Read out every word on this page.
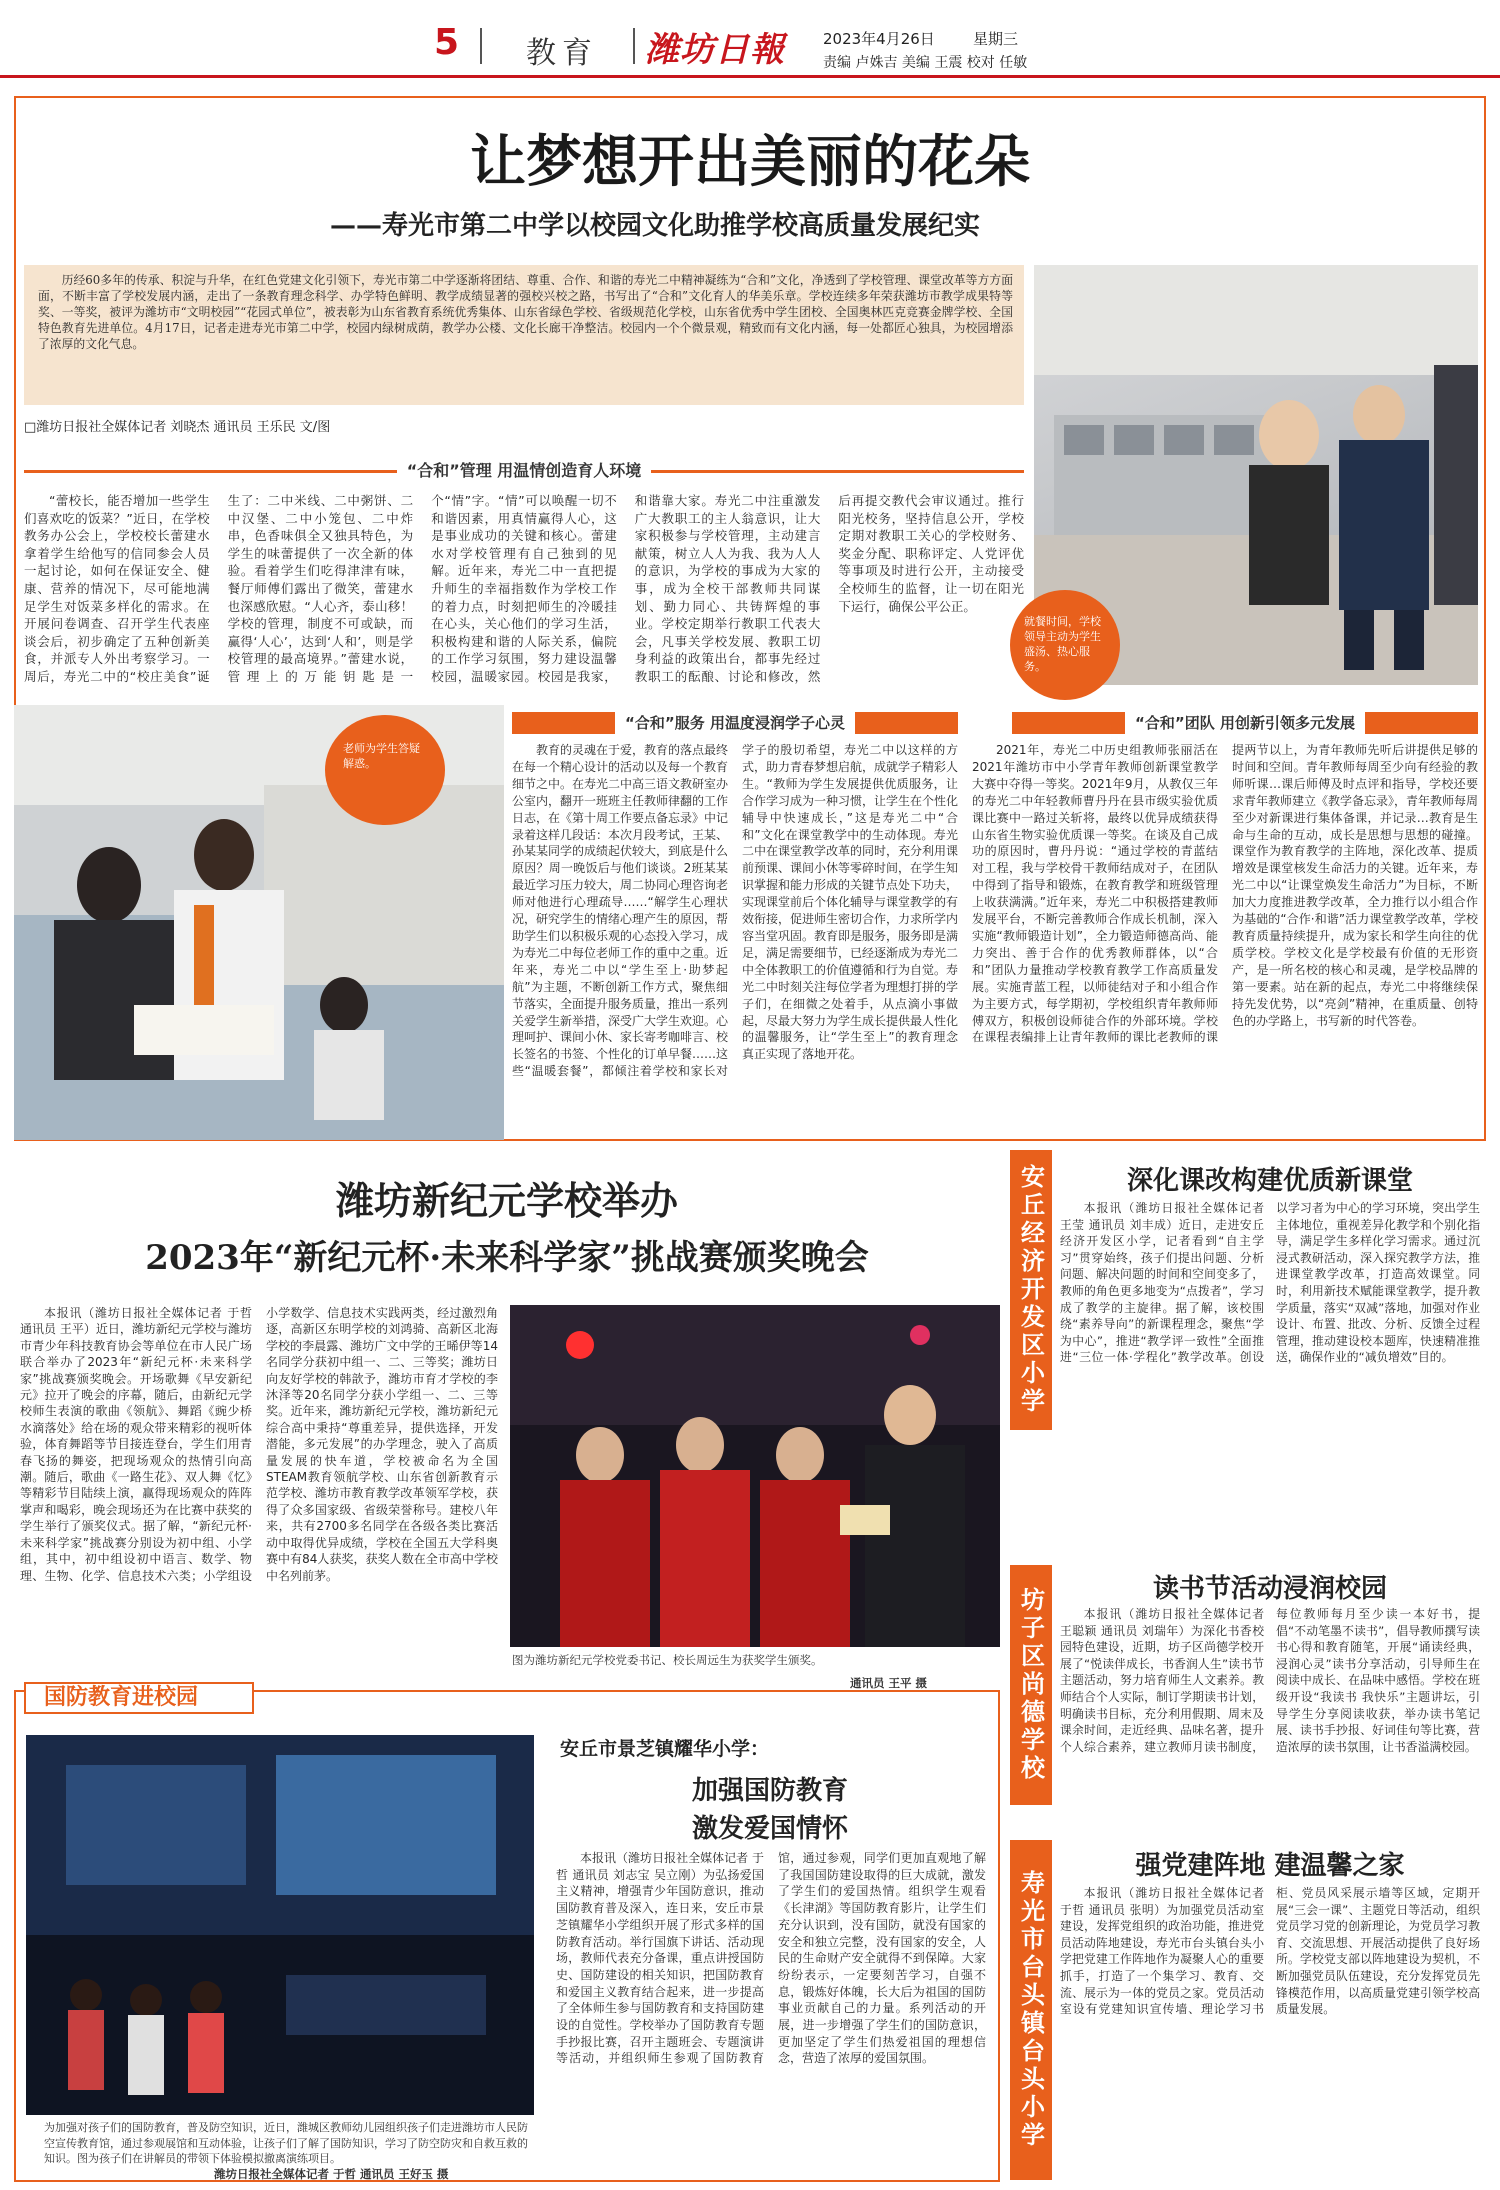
5 教育 潍坊日報	2023年4月26日	星期三
责编 卢姝吉 美编 王震 校对 任敏
让梦想开出美丽的花朵
——寿光市第二中学以校园文化助推学校高质量发展纪实
历经60多年的传承、积淀与升华，在红色党建文化引领下，寿光市第二中学逐渐将团结、尊重、合作、和谐的寿光二中精神凝练为“合和”文化，净透到了学校管理、课堂改革等方方面面，不断丰富了学校发展内涵，走出了一条教育理念科学、办学特色鲜明、教学成绩显著的强校兴校之路，书写出了“合和”文化育人的华美乐章。学校连续多年荣获潍坊市教学成果特等奖、一等奖，被评为潍坊市“文明校园”“花园式单位”，被表彰为山东省教育系统优秀集体、山东省绿色学校、省级规范化学校，山东省优秀中学生团校、全国奥林匹克竞赛金牌学校、全国特色教育先进单位。4月17日，记者走进寿光市第二中学，校园内绿树成荫，教学办公楼、文化长廊干净整洁。校园内一个个微景观，精致而有文化内涵，每一处都匠心独具，为校园增添了浓厚的文化气息。
□潍坊日报社全媒体记者 刘晓杰 通讯员 王乐民 文/图
就餐时间，学校领导主动为学生盛汤、热心服务。
“合和”管理 用温情创造育人环境

“蕾校长，能否增加一些学生们喜欢吃的饭菜？”近日，在学校教务办公会上，学校校长蕾建水拿着学生给他写的信同参会人员一起讨论，如何在保证安全、健康、营养的情况下，尽可能地满足学生对饭菜多样化的需求。在开展问卷调查、召开学生代表座谈会后，初步确定了五种创新美食，并派专人外出考察学习。一周后，寿光二中的“校庄美食”诞生了：二中米线、二中粥饼、二中汉堡、二中小笼包、二中炸串，色香味俱全又独具特色，为学生的味蕾提供了一次全新的体验。看着学生们吃得津津有味，餐厅师傅们露出了微笑，蕾建水也深感欣慰。“人心齐，泰山移！学校的管理，制度不可或缺，而赢得‘人心’，达到‘人和’，则是学校管理的最高境界。”蕾建水说，管理上的万能钥匙是一个“情”字。“情”可以唤醒一切不和谐因素，用真情赢得人心，这是事业成功的关键和核心。蕾建水对学校管理有自己独到的见解。近年来，寿光二中一直把提升师生的幸福指数作为学校工作的着力点，时刻把师生的冷暖挂在心头，关心他们的学习生活，积极构建和谐的人际关系，偏院的工作学习氛围，努力建设温馨校园，温暖家园。校园是我家，和谐靠大家。寿光二中注重激发广大教职工的主人翁意识，让大家积极参与学校管理，主动建言献策，树立人人为我、我为人人的意识，为学校的事成为大家的事，成为全校干部教师共同谋划、勤力同心、共铸辉煌的事业。学校定期举行教职工代表大会，凡事关学校发展、教职工切身利益的政策出台，都事先经过教职工的酝酿、讨论和修改，然后再提交教代会审议通过。推行阳光校务，坚持信息公开，学校定期对教职工关心的学校财务、奖金分配、职称评定、人党评优等事项及时进行公开，主动接受全校师生的监督，让一切在阳光下运行，确保公平公正。

老师为学生答疑解惑。
“合和”服务 用温度浸润学子心灵

教育的灵魂在于爱，教育的落点最终在每一个精心设计的活动以及每一个教育细节之中。在寿光二中高三语文教研室办公室内，翻开一班班主任教师律翻的工作日志，在《第十周工作要点备忘录》中记录着这样几段话：本次月段考试，王某、孙某某同学的成绩起伏较大，到底是什么原因？周一晚饭后与他们谈谈。2班某某最近学习压力较大，周二协同心理咨询老师对他进行心理疏导……“解学生心理状况，研究学生的情绪心理产生的原因，帮助学生们以积极乐观的心态投入学习，成为寿光二中每位老师工作的重中之重。近年来，寿光二中以“学生至上·助梦起航”为主题，不断创新工作方式，聚焦细节落实，全面提升服务质量，推出一系列关爱学生新举措，深受广大学生欢迎。心理呵护、课间小休、家长寄考咖啡言、校长签名的书签、个性化的订单早餐……这些“温暖套餐”，都倾注着学校和家长对学子的殷切希望，寿光二中以这样的方式，助力青春梦想启航，成就学子精彩人生。“教师为学生发展提供优质服务，让合作学习成为一种习惯，让学生在个性化辅导中快速成长，”这是寿光二中“合和”文化在课堂教学中的生动体现。寿光二中在课堂教学改革的同时，充分利用课前预课、课间小休等零碎时间，在学生知识掌握和能力形成的关键节点处下功夫，实现课堂前后个体化辅导与课堂教学的有效衔接，促进师生密切合作，力求所学内容当堂巩固。教育即是服务，服务即是满足，满足需要细节，已经逐渐成为寿光二中全体教职工的价值遵循和行为自觉。寿光二中时刻关注每位学者为理想打拼的学子们，在细微之处着手，从点滴小事做起，尽最大努力为学生成长提供最人性化的温馨服务，让“学生至上”的教育理念真正实现了落地开花。

“合和”团队 用创新引领多元发展

2021年，寿光二中历史组教师张丽活在2021年潍坊市中小学青年教师创新课堂教学大赛中夺得一等奖。2021年9月，从教仅三年的寿光二中年轻教师曹丹丹在县市级实验优质课比赛中一路过关斩将，最终以优异成绩获得山东省生物实验优质课一等奖。在谈及自己成功的原因时，曹丹丹说：“通过学校的青蓝结对工程，我与学校骨干教师结成对子，在团队中得到了指导和锻炼，在教育教学和班级管理上收获满满。”近年来，寿光二中积极搭建教师发展平台，不断完善教师合作成长机制，深入实施“教师锻造计划”，全力锻造师德高尚、能力突出、善于合作的优秀教师群体，以“合和”团队力量推动学校教育教学工作高质量发展。实施青蓝工程，以师徒结对子和小组合作为主要方式，每学期初，学校组织青年教师师傅双方，积极创设师徒合作的外部环境。学校在课程表编排上让青年教师的课比老教师的课提两节以上，为青年教师先听后讲提供足够的时间和空间。青年教师每周至少向有经验的教师听课…课后师傅及时点评和指导，学校还要求青年教师建立《教学备忘录》，青年教师每周至少对新课进行集体备课，并记录…教育是生命与生命的互动，成长是思想与思想的碰撞。课堂作为教育教学的主阵地，深化改革、提质增效是课堂核发生命活力的关键。近年来，寿光二中以“让课堂焕发生命活力”为目标，不断加大力度推进教学改革，全力推行以小组合作为基础的“合作·和谐”活力课堂教学改革，学校教育质量持续提升，成为家长和学生向往的优质学校。学校文化是学校最有价值的无形资产，是一所名校的核心和灵魂，是学校品牌的第一要素。站在新的起点，寿光二中将继续保持先发优势，以“亮剑”精神，在重质量、创特色的办学路上，书写新的时代答卷。

潍坊新纪元学校举办
2023年“新纪元杯·未来科学家”挑战赛颁奖晚会

本报讯（潍坊日报社全媒体记者 于哲 通讯员 王平）近日，潍坊新纪元学校与潍坊市青少年科技教育协会等单位在市人民广场联合举办了2023年“新纪元杯·未来科学家”挑战赛颁奖晚会。开场歌舞《早安新纪元》拉开了晚会的序幕，随后，由新纪元学校师生表演的歌曲《领航》、舞蹈《豌少桥水滴落处》给在场的观众带来精彩的视听体验，体育舞蹈等节目接连登台，学生们用青春飞扬的舞姿，把现场观众的热情引向高潮。随后，歌曲《一路生花》、双人舞《忆》等精彩节目陆续上演，赢得现场观众的阵阵掌声和喝彩，晚会现场还为在比赛中获奖的学生举行了颁奖仪式。据了解，“新纪元杯·未来科学家”挑战赛分别设为初中组、小学组，其中，初中组设初中语言、数学、物理、生物、化学、信息技术六类；小学组设小学数学、信息技术实践两类，经过激烈角逐，高新区东明学校的刘鸿骑、高新区北海学校的李晨露、潍坊广文中学的王晞伊等14名同学分获初中组一、二、三等奖；潍坊日向友好学校的韩歆予，潍坊市育才学校的李沐泽等20名同学分获小学组一、二、三等奖。近年来，潍坊新纪元学校，潍坊新纪元综合高中秉持“尊重差异，提供选择，开发潜能，多元发展”的办学理念，驶入了高质量发展的快车道，学校被命名为全国STEAM教育领航学校、山东省创新教育示范学校、潍坊市教育教学改革领军学校，获得了众多国家级、省级荣誉称号。建校八年来，共有2700多名同学在各级各类比赛活动中取得优异成绩，学校在全国五大学科奥赛中有84人获奖，获奖人数在全市高中学校中名列前茅。

图为潍坊新纪元学校党委书记、校长周远生为获奖学生颁奖。
通讯员 王平 摄
国防教育进校园
为加强对孩子们的国防教育，普及防空知识，近日，潍城区教师幼儿园组织孩子们走进潍坊市人民防空宣传教育馆，通过参观展馆和互动体验，让孩子们了解了国防知识，学习了防空防灾和自救互救的知识。图为孩子们在讲解员的带领下体验模拟撤离演练项目。
潍坊日报社全媒体记者 于哲 通讯员 王好玉 摄
安丘市景芝镇耀华小学：
加强国防教育
激发爱国情怀

本报讯（潍坊日报社全媒体记者 于哲 通讯员 刘志宝 吴立刚）为弘扬爱国主义精神，增强青少年国防意识，推动国防教育普及深入，连日来，安丘市景芝镇耀华小学组织开展了形式多样的国防教育活动。举行国旗下讲话、活动现场，教师代表充分备课，重点讲授国防史、国防建设的相关知识，把国防教育和爱国主义教育结合起来，进一步提高了全体师生参与国防教育和支持国防建设的自觉性。学校举办了国防教育专题手抄报比赛，召开主题班会、专题演讲等活动，并组织师生参观了国防教育馆，通过参观，同学们更加直观地了解了我国国防建设取得的巨大成就，激发了学生们的爱国热情。组织学生观看《长津湖》等国防教育影片，让学生们充分认识到，没有国防，就没有国家的安全和独立完整，没有国家的安全，人民的生命财产安全就得不到保障。大家纷纷表示，一定要刻苦学习，自强不息，锻炼好体魄，长大后为祖国的国防事业贡献自己的力量。系列活动的开展，进一步增强了学生们的国防意识，更加坚定了学生们热爱祖国的理想信念，营造了浓厚的爱国氛围。

安丘经济开发区小学	深化课改构建优质新课堂

本报讯（潍坊日报社全媒体记者 王莹 通讯员 刘丰成）近日，走进安丘经济开发区小学，记者看到“自主学习”贯穿始终，孩子们提出问题、分析问题、解决问题的时间和空间变多了，教师的角色更多地变为“点拨者”，学习成了教学的主旋律。据了解，该校围绕“素养导向”的新课程理念，聚焦“学为中心”，推进“教学评一致性”全面推进“三位一体·学程化”教学改革。创设以学习者为中心的学习环境，突出学生主体地位，重视差异化教学和个别化指导，满足学生多样化学习需求。通过沉浸式教研活动，深入探究教学方法，推进课堂教学改革，打造高效课堂。同时，利用新技术赋能课堂教学，提升教学质量，落实“双减”落地，加强对作业设计、布置、批改、分析、反馈全过程管理，推动建设校本题库，快速精准推送，确保作业的“减负增效”目的。

坊子区尚德学校	读书节活动浸润校园

本报讯（潍坊日报社全媒体记者 王聪颖 通讯员 刘瑞年）为深化书香校园特色建设，近期，坊子区尚德学校开展了“悦读伴成长，书香润人生”读书节主题活动，努力培育师生人文素养。教师结合个人实际，制订学期读书计划，明确读书目标，充分利用假期、周末及课余时间，走近经典、品味名著，提升个人综合素养，建立教师月读书制度，每位教师每月至少读一本好书，提倡“不动笔墨不读书”，倡导教师撰写读书心得和教育随笔，开展“诵读经典，浸润心灵”读书分享活动，引导师生在阅读中成长、在品味中感悟。学校在班级开设“我读书 我快乐”主题讲坛，引导学生分享阅读收获，举办读书笔记展、读书手抄报、好词佳句等比赛，营造浓厚的读书氛围，让书香溢满校园。

寿光市台头镇台头小学
强党建阵地 建温馨之家

本报讯（潍坊日报社全媒体记者 于哲 通讯员 张明）为加强党员活动室建设，发挥党组织的政治功能，推进党员活动阵地建设，寿光市台头镇台头小学把党建工作阵地作为凝聚人心的重要抓手，打造了一个集学习、教育、交流、展示为一体的党员之家。党员活动室设有党建知识宣传墙、理论学习书柜、党员风采展示墙等区域，定期开展“三会一课”、主题党日等活动，组织党员学习党的创新理论，为党员学习教育、交流思想、开展活动提供了良好场所。学校党支部以阵地建设为契机，不断加强党员队伍建设，充分发挥党员先锋模范作用，以高质量党建引领学校高质量发展。
